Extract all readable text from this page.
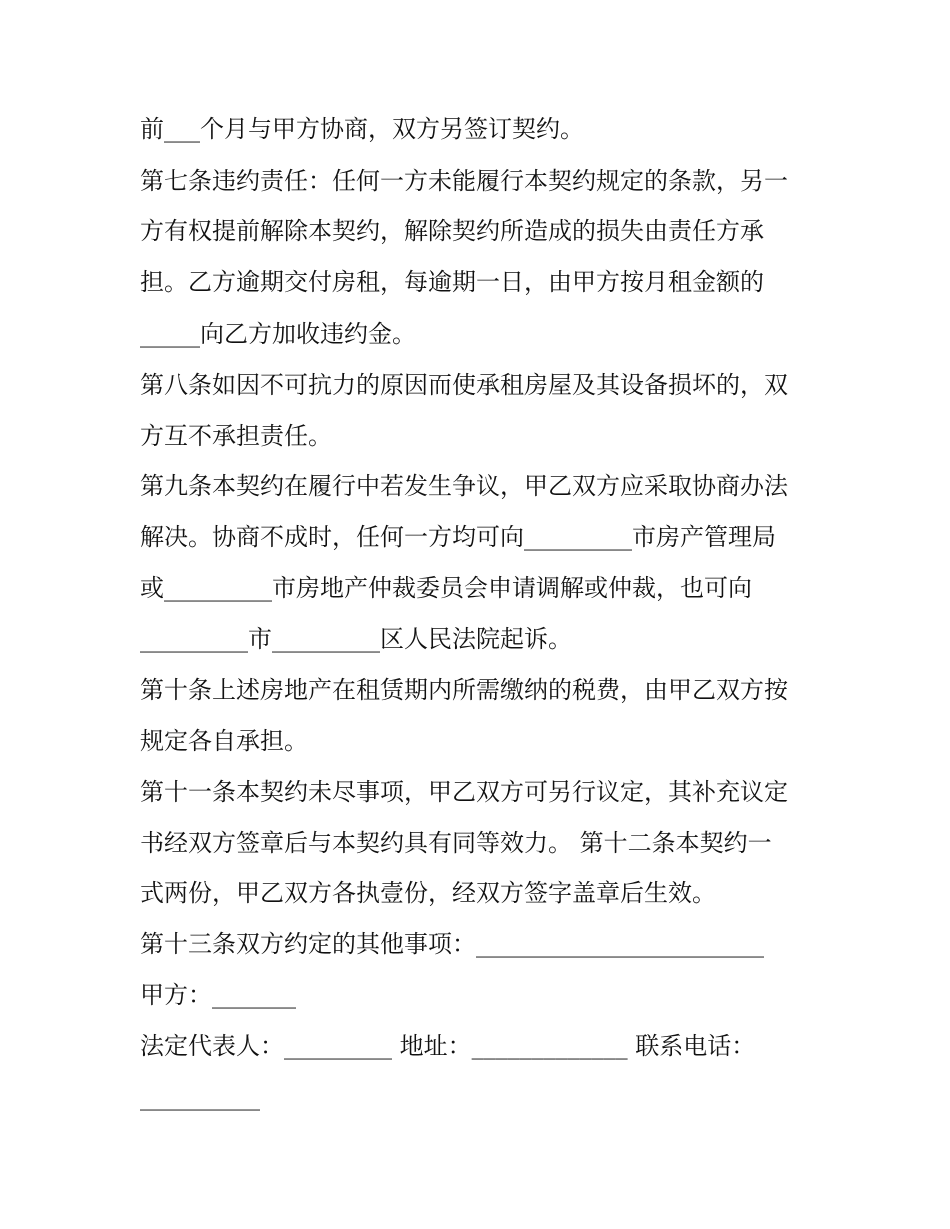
前___个月与甲方协商，双方另签订契约。
第七条违约责任：任何一方未能履行本契约规定的条款，另一
方有权提前解除本契约，解除契约所造成的损失由责任方承
担。乙方逾期交付房租，每逾期一日，由甲方按月租金额的
_____向乙方加收违约金。
第八条如因不可抗力的原因而使承租房屋及其设备损坏的，双
方互不承担责任。
第九条本契约在履行中若发生争议，甲乙双方应采取协商办法
解决。协商不成时，任何一方均可向_________市房产管理局
或_________市房地产仲裁委员会申请调解或仲裁，也可向
_________市_________区人民法院起诉。
第十条上述房地产在租赁期内所需缴纳的税费，由甲乙双方按
规定各自承担。
第十一条本契约未尽事项，甲乙双方可另行议定，其补充议定
书经双方签章后与本契约具有同等效力。 第十二条本契约一
式两份，甲乙双方各执壹份，经双方签字盖章后生效。
第十三条双方约定的其他事项：________________________
甲方：_______
法定代表人：_________ 地址：_____________ 联系电话：
__________
